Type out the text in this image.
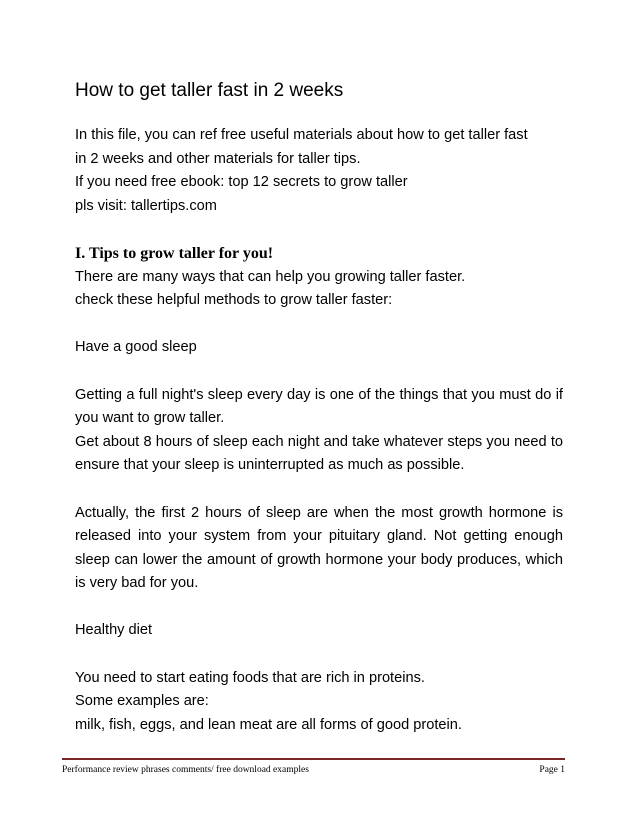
How to get taller fast in 2 weeks

In this file, you can ref free useful materials about how to get taller fast

in 2 weeks and other materials for taller tips.

If you need free ebook: top 12 secrets to grow taller

pls visit: tallertips.com

I. Tips to grow taller for you!

There are many ways that can help you growing taller faster.

check these helpful methods to grow taller faster:

Have a good sleep

Getting a full night's sleep every day is one of the things that you must do if you want to grow taller.

Get about 8 hours of sleep each night and take whatever steps you need to ensure that your sleep is uninterrupted as much as possible.

Actually, the first 2 hours of sleep are when the most growth hormone is released into your system from your pituitary gland. Not getting enough sleep can lower the amount of growth hormone your body produces, which is very bad for you.

Healthy diet

You need to start eating foods that are rich in proteins.

Some examples are:

milk, fish, eggs, and lean meat are all forms of good protein.

Performance review phrases comments/ free download examples	Page 1
